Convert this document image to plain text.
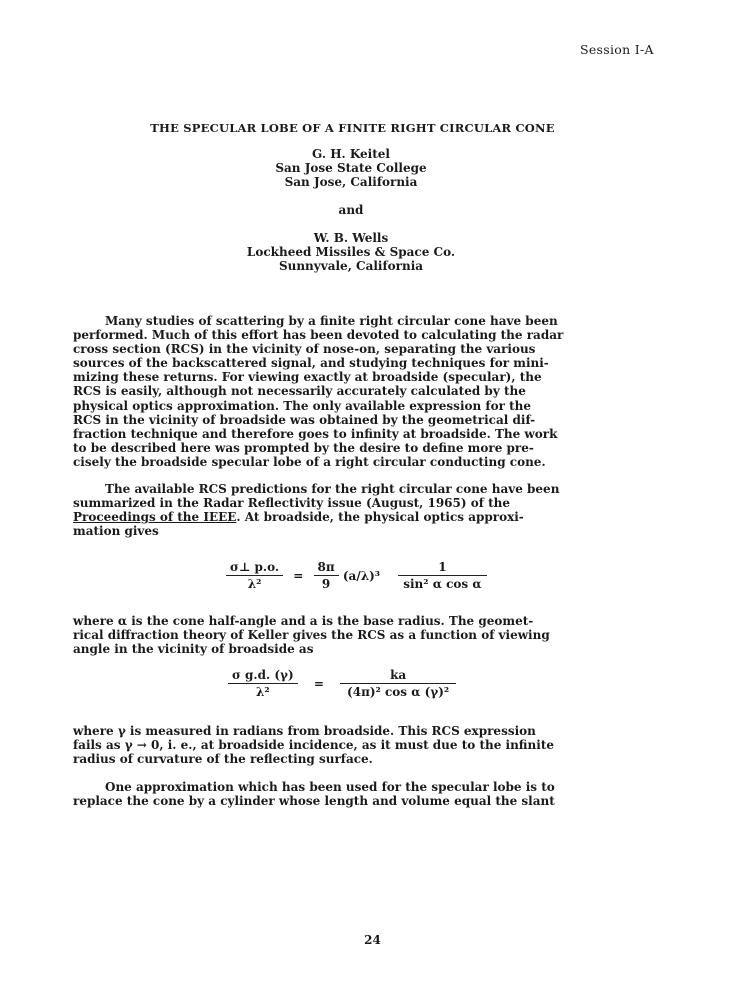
Session I-A
THE SPECULAR LOBE OF A FINITE RIGHT CIRCULAR CONE
G. H. Keitel
San Jose State College
San Jose, California
and
W. B. Wells
Lockheed Missiles & Space Co.
Sunnyvale, California

Many studies of scattering by a finite right circular cone have been

performed. Much of this effort has been devoted to calculating the radar

cross section (RCS) in the vicinity of nose-on, separating the various

sources of the backscattered signal, and studying techniques for mini-

mizing these returns. For viewing exactly at broadside (specular), the

RCS is easily, although not necessarily accurately calculated by the

physical optics approximation. The only available expression for the

RCS in the vicinity of broadside was obtained by the geometrical dif-

fraction technique and therefore goes to infinity at broadside. The work

to be described here was prompted by the desire to define more pre-

cisely the broadside specular lobe of a right circular conducting cone.

The available RCS predictions for the right circular cone have been

summarized in the Radar Reflectivity issue (August, 1965) of the

Proceedings of the IEEE. At broadside, the physical optics approxi-

mation gives

$\frac{\sigma\perp p.o.}{\text{λ²}} = \frac{8\pi}{9} (a/\lambda)^3 \frac{1}{\text{sin² α cos α}}$

where α is the cone half-angle and a is the base radius. The geomet-

rical diffraction theory of Keller gives the RCS as a function of viewing

angle in the vicinity of broadside as

$\frac{\text{σ g.d. (γ)}}{\text{λ²}} = \frac{ka}{\text{(4π)² cos α (γ)²}}$

where γ is measured in radians from broadside. This RCS expression

fails as γ → 0, i. e., at broadside incidence, as it must due to the infinite

radius of curvature of the reflecting surface.

One approximation which has been used for the specular lobe is to

replace the cone by a cylinder whose length and volume equal the slant

24
